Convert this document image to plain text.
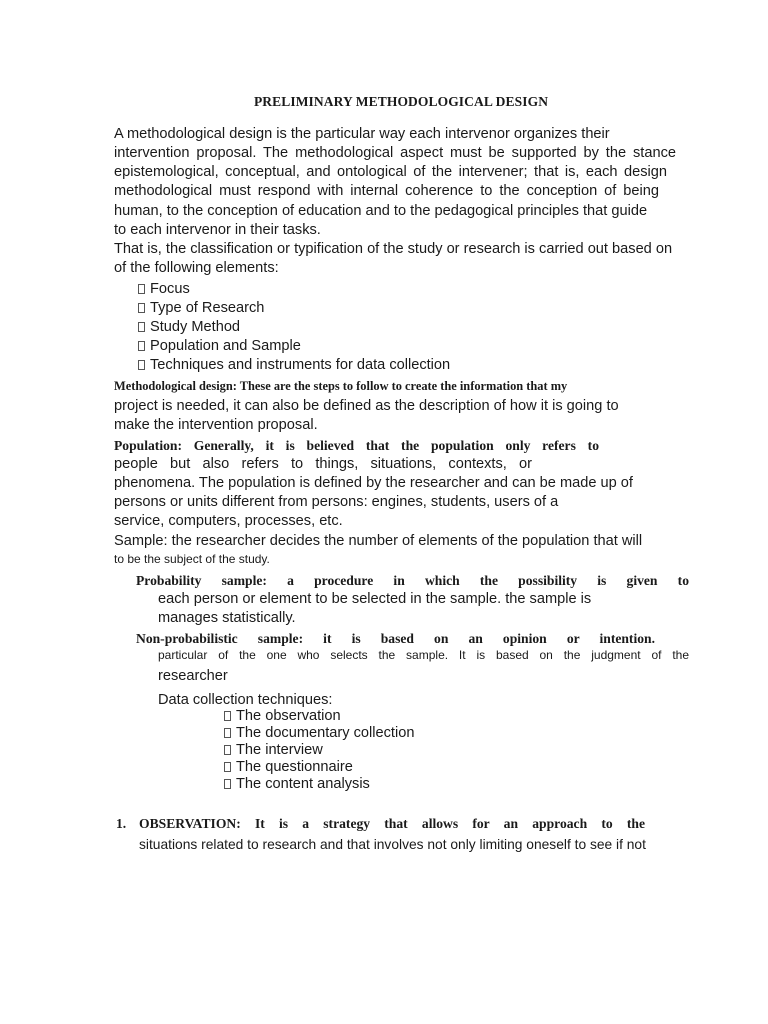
PRELIMINARY METHODOLOGICAL DESIGN
A methodological design is the particular way each intervenor organizes their
intervention proposal. The methodological aspect must be supported by the stance
epistemological, conceptual, and ontological of the intervener; that is, each design
methodological must respond with internal coherence to the conception of being
human, to the conception of education and to the pedagogical principles that guide
to each intervenor in their tasks.
That is, the classification or typification of the study or research is carried out based on
of the following elements:
Focus
Type of Research
Study Method
Population and Sample
Techniques and instruments for data collection
Methodological design: These are the steps to follow to create the information that my
project is needed, it can also be defined as the description of how it is going to
make the intervention proposal.
Population: Generally, it is believed that the population only refers to
people but also refers to things, situations, contexts, or
phenomena. The population is defined by the researcher and can be made up of
persons or units different from persons: engines, students, users of a
service, computers, processes, etc.
Sample: the researcher decides the number of elements of the population that will
to be the subject of the study.
Probability sample: a procedure in which the possibility is given to
each person or element to be selected in the sample. the sample is
manages statistically.
Non-probabilistic sample: it is based on an opinion or intention.
particular of the one who selects the sample. It is based on the judgment of the
researcher
Data collection techniques:
The observation
The documentary collection
The interview
The questionnaire
The content analysis
1. OBSERVATION: It is a strategy that allows for an approach to the
situations related to research and that involves not only limiting oneself to see if not
